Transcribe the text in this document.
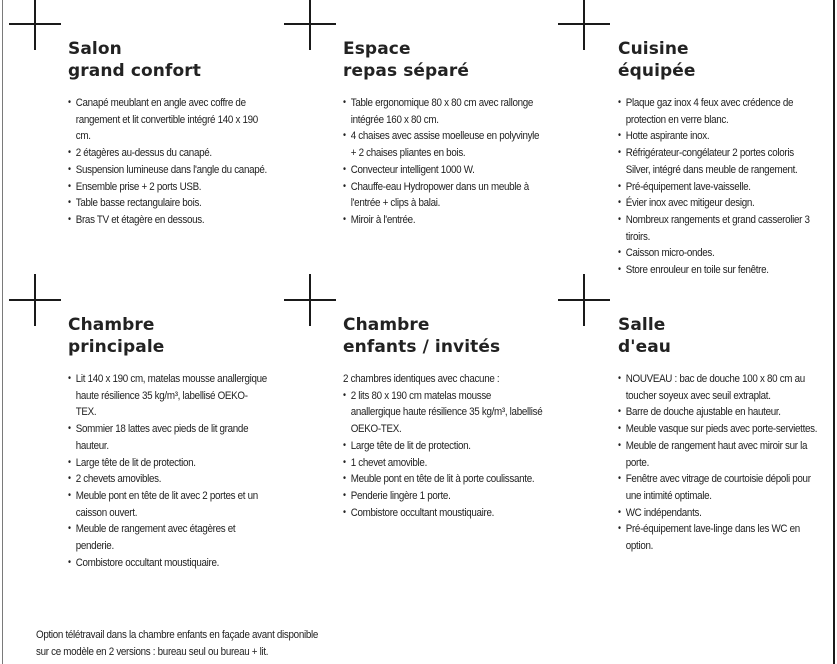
Salon
grand confort
• Canapé meublant en angle avec coffre de rangement et lit convertible intégré 140 x 190 cm.
• 2 étagères au-dessus du canapé.
• Suspension lumineuse dans l'angle du canapé.
• Ensemble prise + 2 ports USB.
• Table basse rectangulaire bois.
• Bras TV et étagère en dessous.
Espace
repas séparé
• Table ergonomique 80 x 80 cm avec rallonge intégrée 160 x 80 cm.
• 4 chaises avec assise moelleuse en polyvinyle + 2 chaises pliantes en bois.
• Convecteur intelligent 1000 W.
• Chauffe-eau Hydropower dans un meuble à l'entrée + clips à balai.
• Miroir à l'entrée.
Cuisine
équipée
• Plaque gaz inox 4 feux avec crédence de protection en verre blanc.
• Hotte aspirante inox.
• Réfrigérateur-congélateur 2 portes coloris Silver, intégré dans meuble de rangement.
• Pré-équipement lave-vaisselle.
• Évier inox avec mitigeur design.
• Nombreux rangements et grand casserolier 3 tiroirs.
• Caisson micro-ondes.
• Store enrouleur en toile sur fenêtre.
Chambre
principale
• Lit 140 x 190 cm, matelas mousse anallergique haute résilience 35 kg/m³, labellisé OEKO-TEX.
• Sommier 18 lattes avec pieds de lit grande hauteur.
• Large tête de lit de protection.
• 2 chevets amovibles.
• Meuble pont en tête de lit avec 2 portes et un caisson ouvert.
• Meuble de rangement avec étagères et penderie.
• Combistore occultant moustiquaire.
Chambre
enfants / invités
2 chambres identiques avec chacune :
• 2 lits 80 x 190 cm matelas mousse anallergique haute résilience 35 kg/m³, labellisé OEKO-TEX.
• Large tête de lit de protection.
• 1 chevet amovible.
• Meuble pont en tête de lit à porte coulissante.
• Penderie lingère 1 porte.
• Combistore occultant moustiquaire.
Salle
d'eau
• NOUVEAU : bac de douche 100 x 80 cm au toucher soyeux avec seuil extraplat.
• Barre de douche ajustable en hauteur.
• Meuble vasque sur pieds avec porte-serviettes.
• Meuble de rangement haut avec miroir sur la porte.
• Fenêtre avec vitrage de courtoisie dépoli pour une intimité optimale.
• WC indépendants.
• Pré-équipement lave-linge dans les WC en option.
Option télétravail dans la chambre enfants en façade avant disponible
sur ce modèle en 2 versions : bureau seul ou bureau + lit.
